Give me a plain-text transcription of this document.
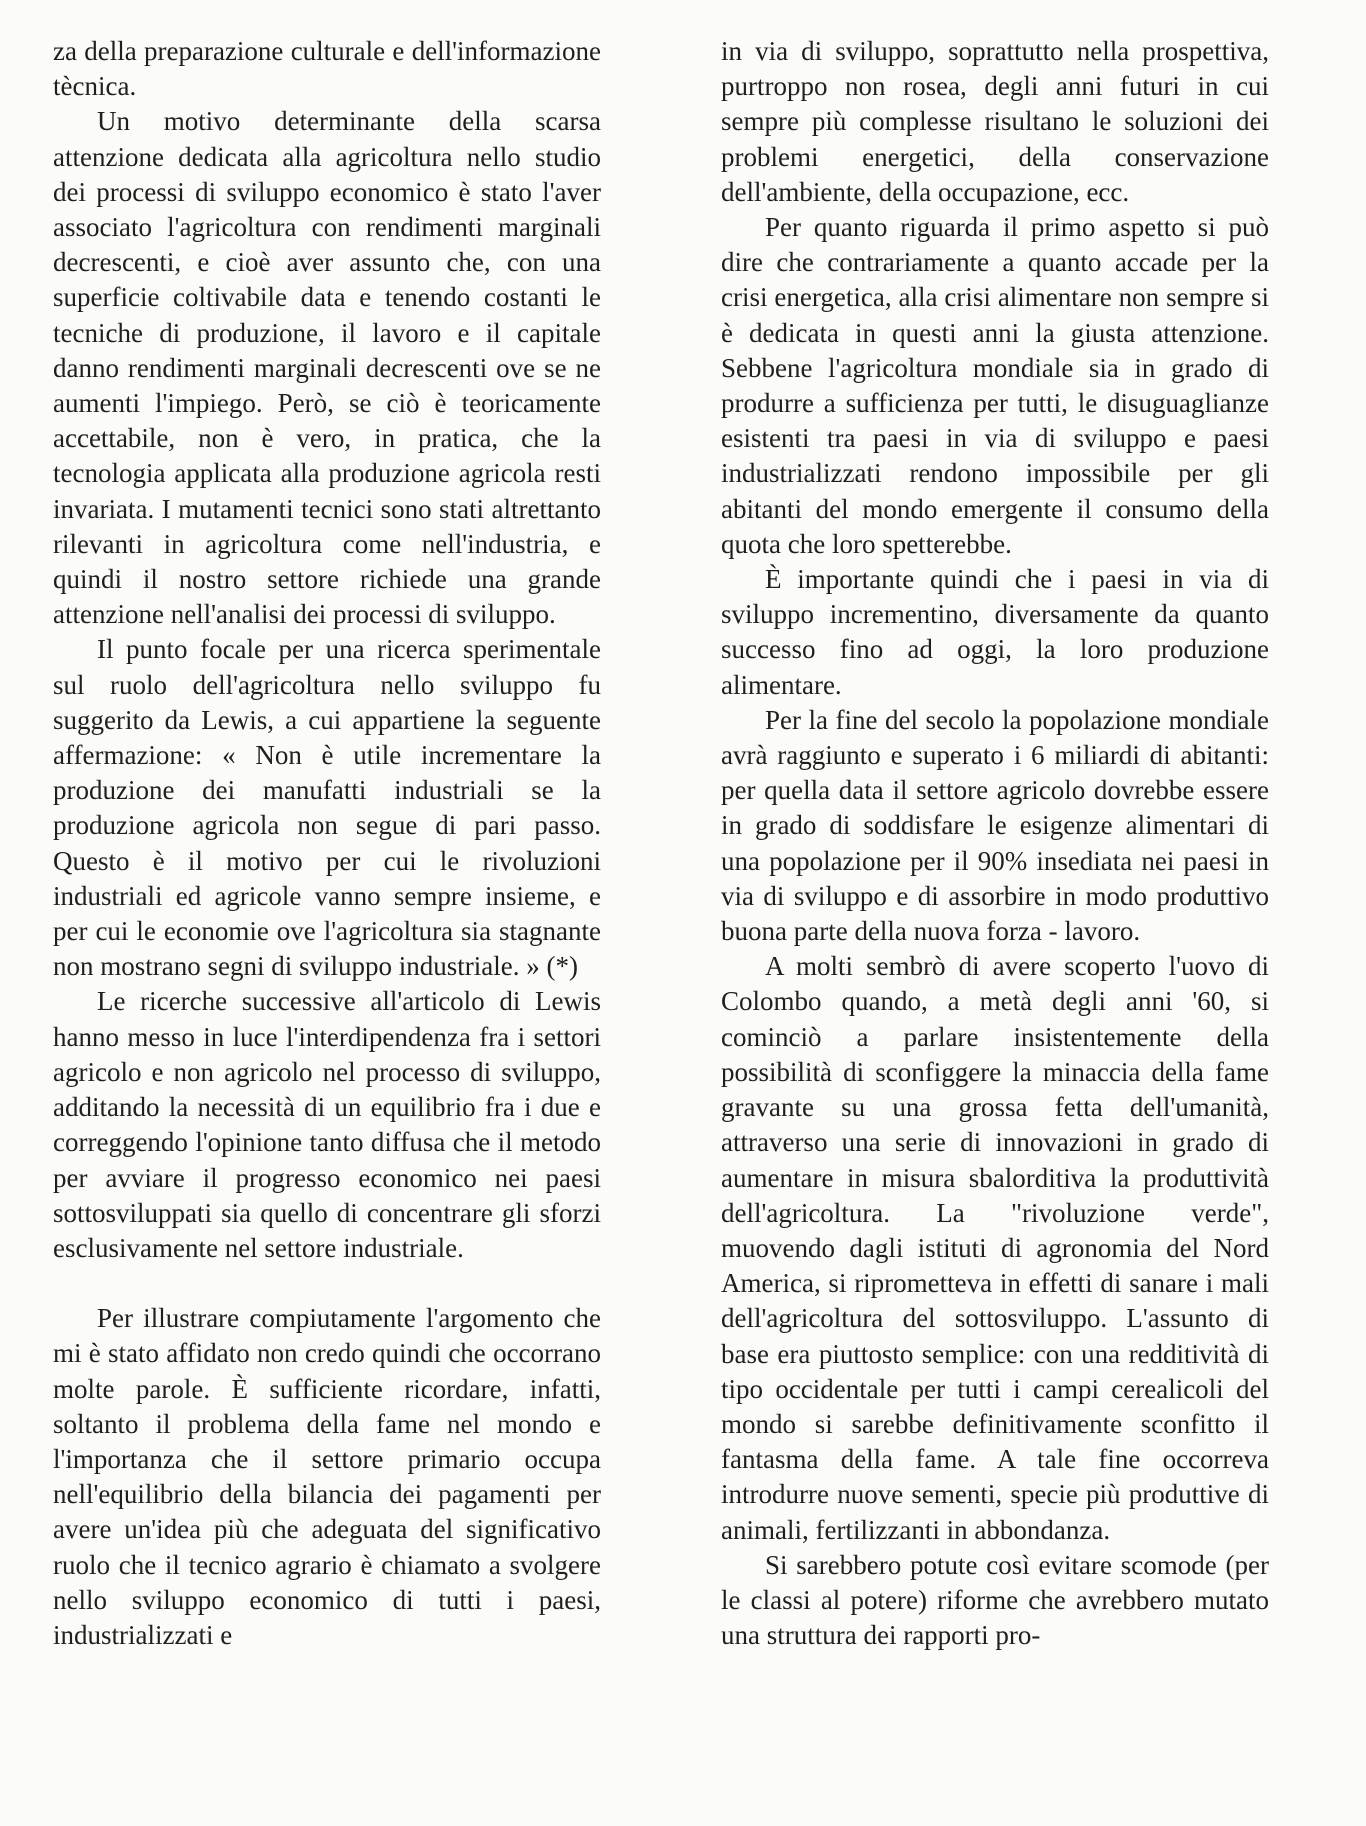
za della preparazione culturale e dell'informazione tècnica.

Un motivo determinante della scarsa attenzione dedicata alla agricoltura nello studio dei processi di sviluppo economico è stato l'aver associato l'agricoltura con rendimenti marginali decrescenti, e cioè aver assunto che, con una superficie coltivabile data e tenendo costanti le tecniche di produzione, il lavoro e il capitale danno rendimenti marginali decrescenti ove se ne aumenti l'impiego. Però, se ciò è teoricamente accettabile, non è vero, in pratica, che la tecnologia applicata alla produzione agricola resti invariata. I mutamenti tecnici sono stati altrettanto rilevanti in agricoltura come nell'industria, e quindi il nostro settore richiede una grande attenzione nell'analisi dei processi di sviluppo.

Il punto focale per una ricerca sperimentale sul ruolo dell'agricoltura nello sviluppo fu suggerito da Lewis, a cui appartiene la seguente affermazione: « Non è utile incrementare la produzione dei manufatti industriali se la produzione agricola non segue di pari passo. Questo è il motivo per cui le rivoluzioni industriali ed agricole vanno sempre insieme, e per cui le economie ove l'agricoltura sia stagnante non mostrano segni di sviluppo industriale. » (*)

Le ricerche successive all'articolo di Lewis hanno messo in luce l'interdipendenza fra i settori agricolo e non agricolo nel processo di sviluppo, additando la necessità di un equilibrio fra i due e correggendo l'opinione tanto diffusa che il metodo per avviare il progresso economico nei paesi sottosviluppati sia quello di concentrare gli sforzi esclusivamente nel settore industriale.

Per illustrare compiutamente l'argomento che mi è stato affidato non credo quindi che occorrano molte parole. È sufficiente ricordare, infatti, soltanto il problema della fame nel mondo e l'importanza che il settore primario occupa nell'equilibrio della bilancia dei pagamenti per avere un'idea più che adeguata del significativo ruolo che il tecnico agrario è chiamato a svolgere nello sviluppo economico di tutti i paesi, industrializzati e

in via di sviluppo, soprattutto nella prospettiva, purtroppo non rosea, degli anni futuri in cui sempre più complesse risultano le soluzioni dei problemi energetici, della conservazione dell'ambiente, della occupazione, ecc.

Per quanto riguarda il primo aspetto si può dire che contrariamente a quanto accade per la crisi energetica, alla crisi alimentare non sempre si è dedicata in questi anni la giusta attenzione. Sebbene l'agricoltura mondiale sia in grado di produrre a sufficienza per tutti, le disuguaglianze esistenti tra paesi in via di sviluppo e paesi industrializzati rendono impossibile per gli abitanti del mondo emergente il consumo della quota che loro spetterebbe.

È importante quindi che i paesi in via di sviluppo incrementino, diversamente da quanto successo fino ad oggi, la loro produzione alimentare.

Per la fine del secolo la popolazione mondiale avrà raggiunto e superato i 6 miliardi di abitanti: per quella data il settore agricolo dovrebbe essere in grado di soddisfare le esigenze alimentari di una popolazione per il 90% insediata nei paesi in via di sviluppo e di assorbire in modo produttivo buona parte della nuova forza - lavoro.

A molti sembrò di avere scoperto l'uovo di Colombo quando, a metà degli anni '60, si cominciò a parlare insistentemente della possibilità di sconfiggere la minaccia della fame gravante su una grossa fetta dell'umanità, attraverso una serie di innovazioni in grado di aumentare in misura sbalorditiva la produttività dell'agricoltura. La "rivoluzione verde", muovendo dagli istituti di agronomia del Nord America, si riprometteva in effetti di sanare i mali dell'agricoltura del sottosviluppo. L'assunto di base era piuttosto semplice: con una redditività di tipo occidentale per tutti i campi cerealicoli del mondo si sarebbe definitivamente sconfitto il fantasma della fame. A tale fine occorreva introdurre nuove sementi, specie più produttive di animali, fertilizzanti in abbondanza.

Si sarebbero potute così evitare scomode (per le classi al potere) riforme che avrebbero mutato una struttura dei rapporti pro-
